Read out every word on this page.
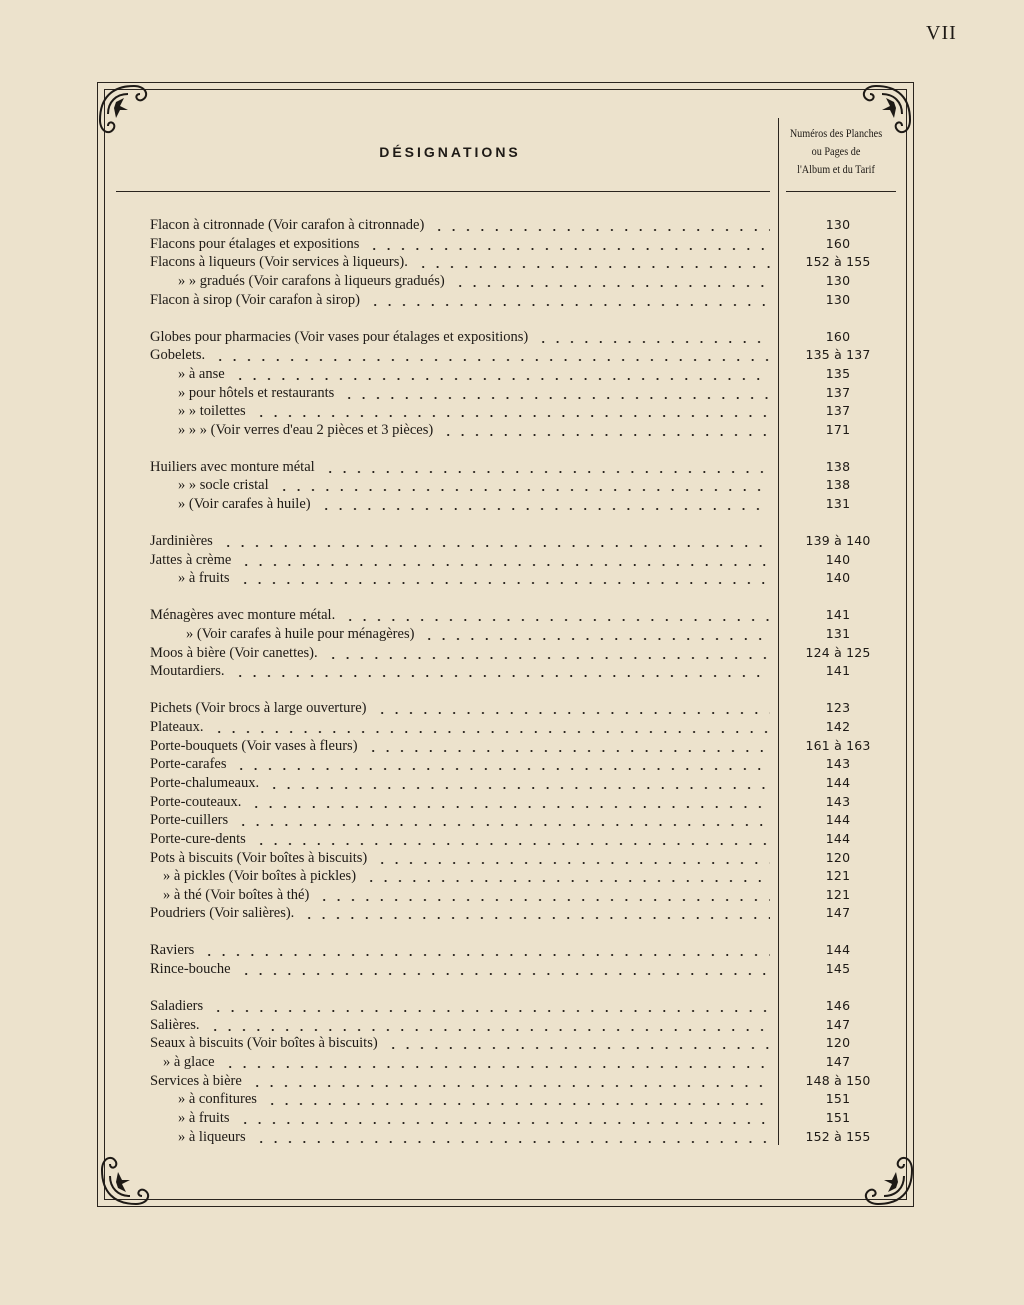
VII
DÉSIGNATIONS
Numéros des Planches
ou Pages de
l'Album et du Tarif
Flacon à citronnade (Voir carafon à citronnade)	130
Flacons pour étalages et expositions	160
Flacons à liqueurs (Voir services à liqueurs).	152 à 155
» » gradués (Voir carafons à liqueurs gradués)	130
Flacon à sirop (Voir carafon à sirop)	130
Globes pour pharmacies (Voir vases pour étalages et expositions)	160
Gobelets.	135 à 137
» à anse	135
» pour hôtels et restaurants	137
» » toilettes	137
» » » (Voir verres d'eau 2 pièces et 3 pièces)	171
Huiliers avec monture métal	138
» » socle cristal	138
» (Voir carafes à huile)	131
Jardinières	139 à 140
Jattes à crème	140
» à fruits	140
Ménagères avec monture métal.	141
» (Voir carafes à huile pour ménagères)	131
Moos à bière (Voir canettes).	124 à 125
Moutardiers.	141
Pichets (Voir brocs à large ouverture)	123
Plateaux.	142
Porte-bouquets (Voir vases à fleurs)	161 à 163
Porte-carafes	143
Porte-chalumeaux.	144
Porte-couteaux.	143
Porte-cuillers	144
Porte-cure-dents	144
Pots à biscuits (Voir boîtes à biscuits)	120
» à pickles (Voir boîtes à pickles)	121
» à thé (Voir boîtes à thé)	121
Poudriers (Voir salières).	147
Raviers	144
Rince-bouche	145
Saladiers	146
Salières.	147
Seaux à biscuits (Voir boîtes à biscuits)	120
» à glace	147
Services à bière	148 à 150
» à confitures	151
» à fruits	151
» à liqueurs	152 à 155
